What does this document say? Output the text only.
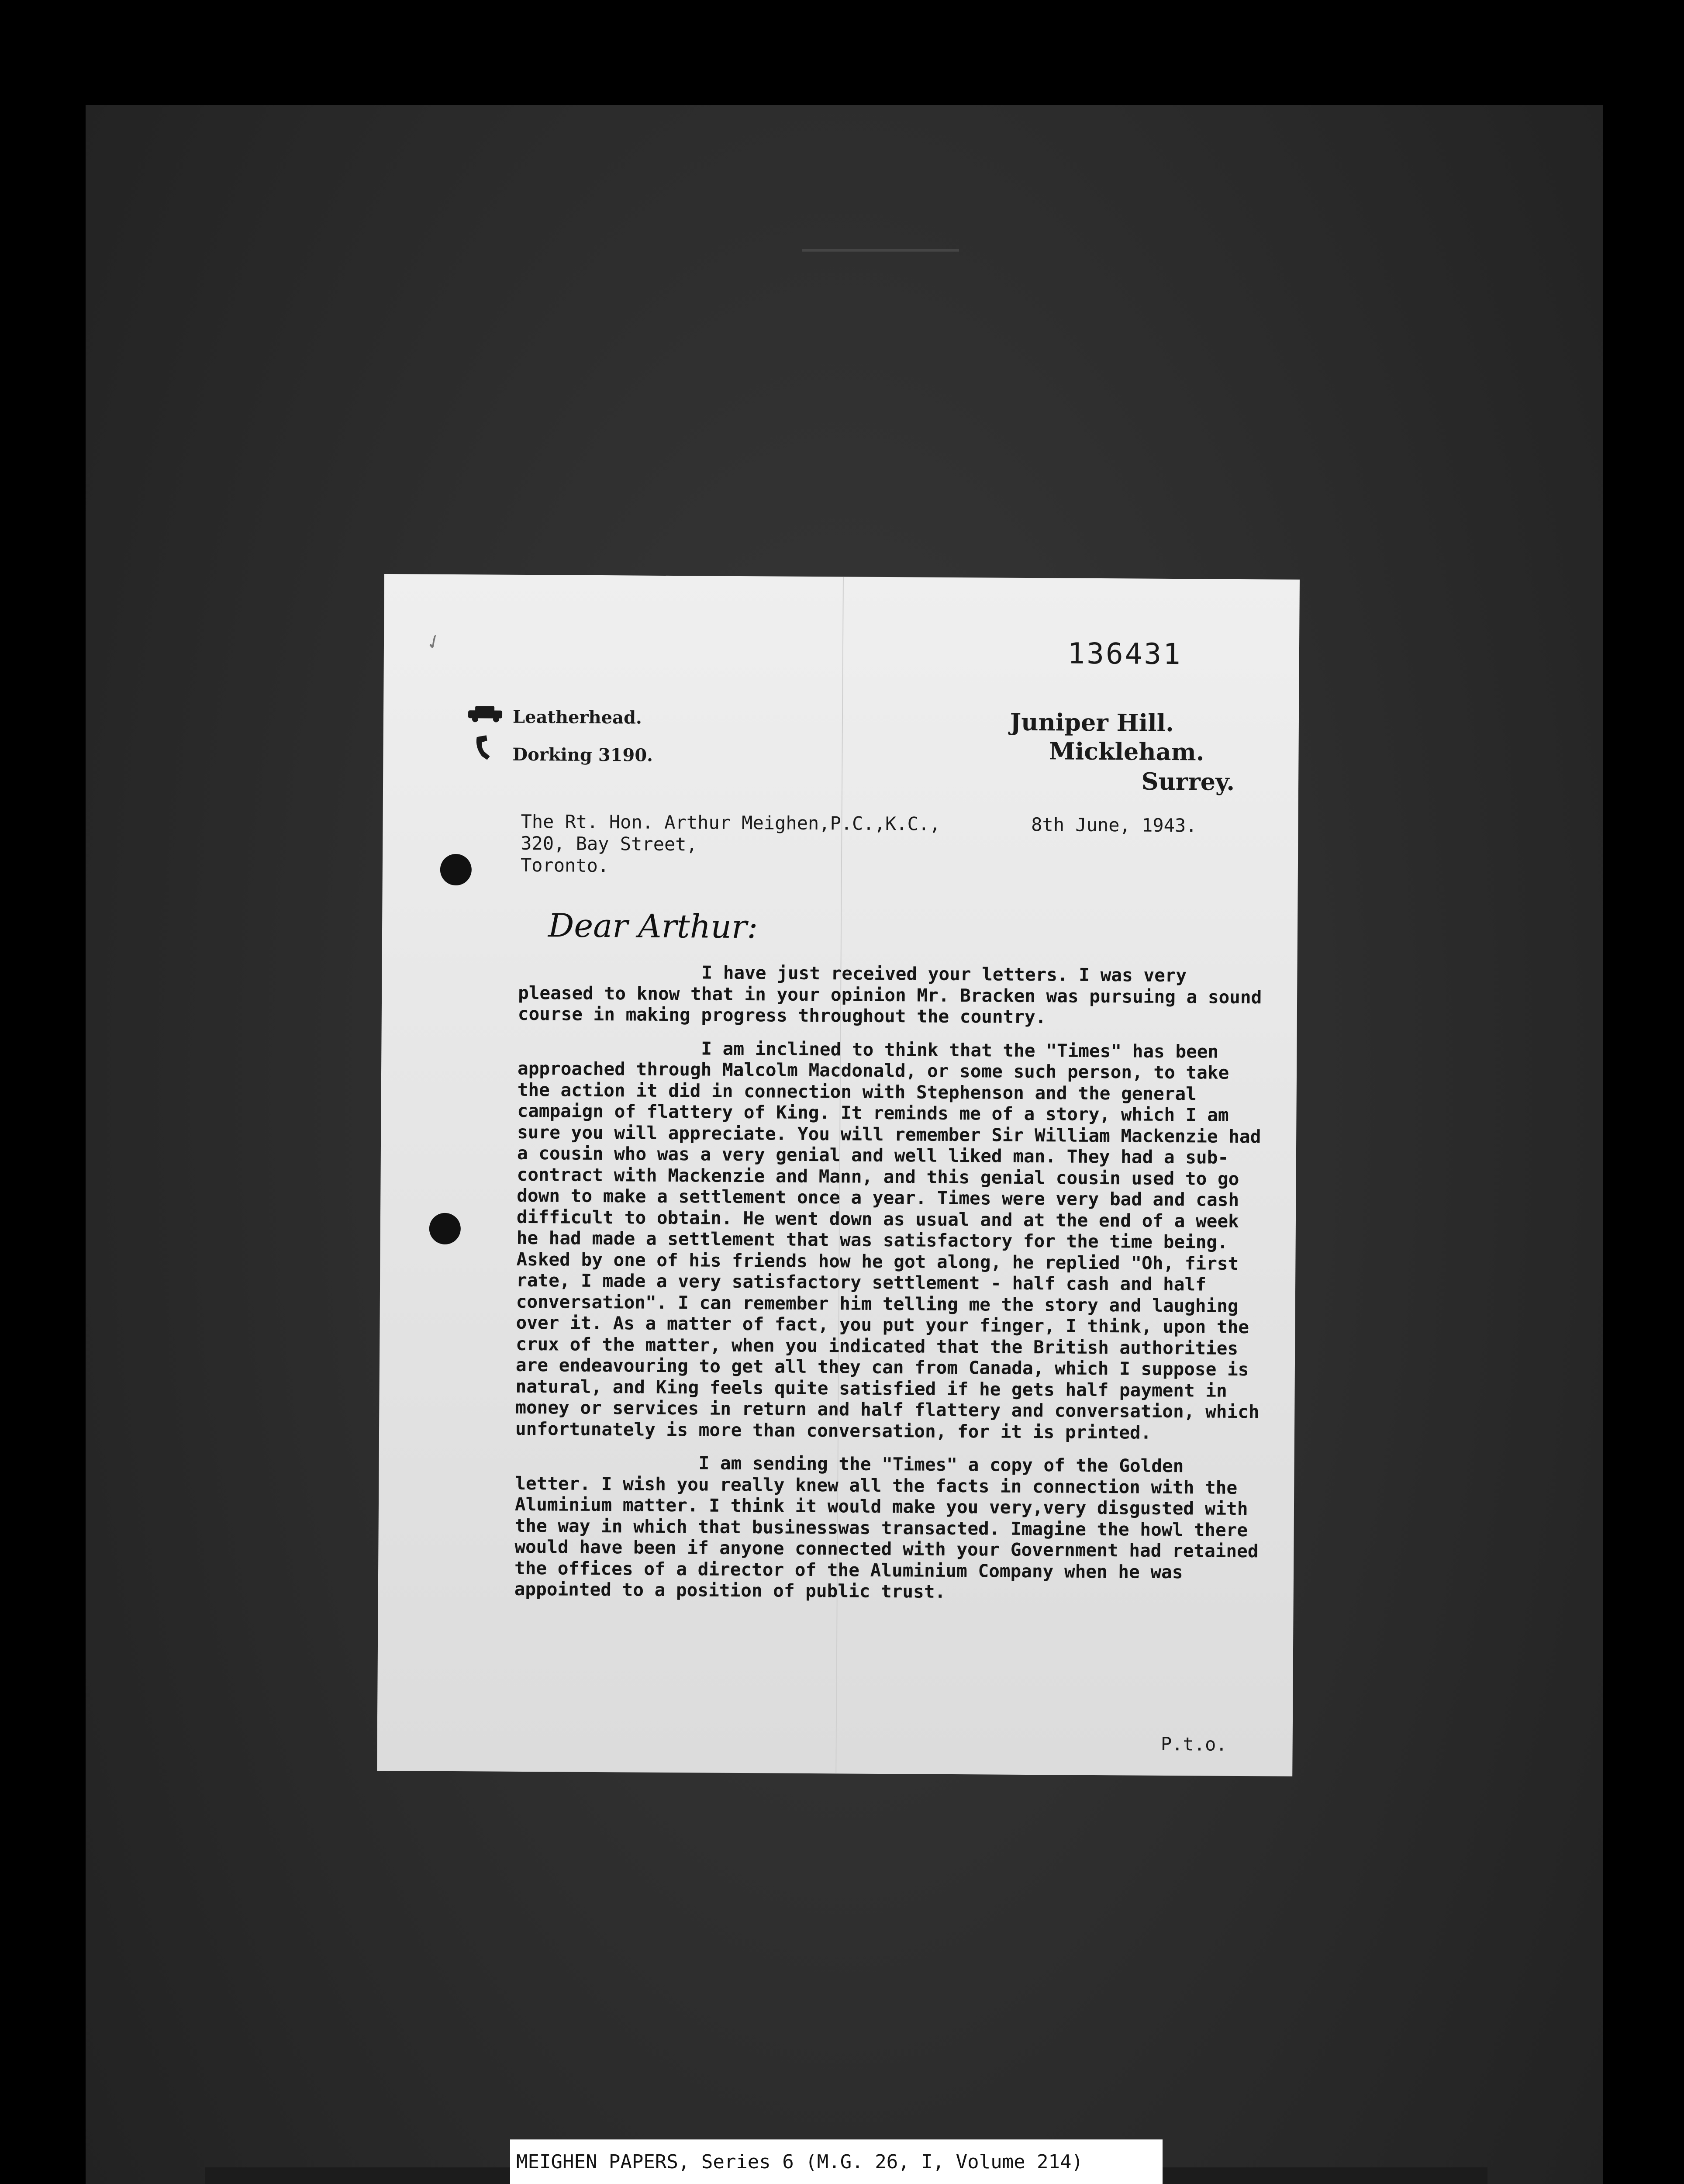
✓	136431
Leatherhead.
Dorking 3190.
Juniper Hill.
Mickleham.
Surrey.
The Rt. Hon. Arthur Meighen,P.C.,K.C.,
320, Bay Street,
Toronto.
8th June, 1943.
Dear Arthur:

I have just received your letters. I was very pleased to know that in your opinion Mr. Bracken was pursuing a sound course in making progress throughout the country.

I am inclined to think that the "Times" has been approached through Malcolm Macdonald, or some such person, to take the action it did in connection with Stephenson and the general campaign of flattery of King. It reminds me of a story, which I am sure you will appreciate. You will remember Sir William Mackenzie had a cousin who was a very genial and well liked man. They had a sub-contract with Mackenzie and Mann, and this genial cousin used to go down to make a settlement once a year. Times were very bad and cash difficult to obtain. He went down as usual and at the end of a week he had made a settlement that was satisfactory for the time being. Asked by one of his friends how he got along, he replied "Oh, first rate, I made a very satisfactory settlement - half cash and half conversation". I can remember him telling me the story and laughing over it. As a matter of fact, you put your finger, I think, upon the crux of the matter, when you indicated that the British authorities are endeavouring to get all they can from Canada, which I suppose is natural, and King feels quite satisfied if he gets half payment in money or services in return and half flattery and conversation, which unfortunately is more than conversation, for it is printed.

I am sending the "Times" a copy of the Golden letter. I wish you really knew all the facts in connection with the Aluminium matter. I think it would make you very,very disgusted with the way in which that businesswas transacted. Imagine the howl there would have been if anyone connected with your Government had retained the offices of a director of the Aluminium Company when he was appointed to a position of public trust.

P.t.o.
MEIGHEN PAPERS, Series 6 (M.G. 26, I, Volume 214)
